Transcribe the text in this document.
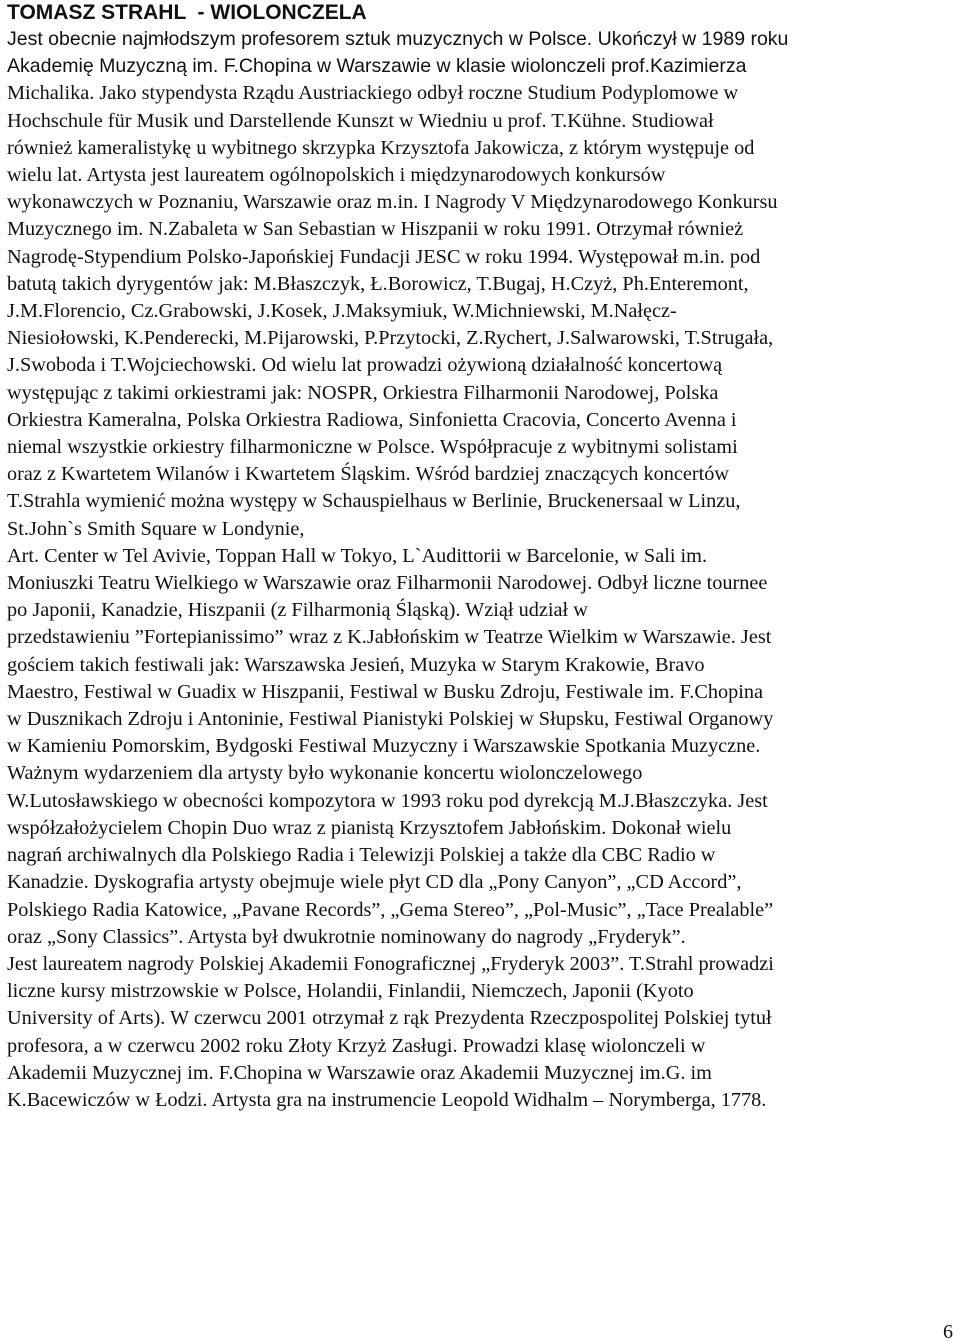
TOMASZ STRAHL  - WIOLONCZELA
Jest obecnie najmłodszym profesorem sztuk muzycznych w Polsce. Ukończył w 1989 roku
Akademię Muzyczną im. F.Chopina w Warszawie w klasie wiolonczeli prof.Kazimierza
Michalika. Jako stypendysta Rządu Austriackiego odbył roczne Studium Podyplomowe w
Hochschule für Musik und Darstellende Kunszt w Wiedniu u prof. T.Kühne. Studiował
również kameralistykę u wybitnego skrzypka Krzysztofa Jakowicza, z którym występuje od
wielu lat. Artysta jest laureatem ogólnopolskich i międzynarodowych konkursów
wykonawczych w Poznaniu, Warszawie oraz m.in. I Nagrody V Międzynarodowego Konkursu
Muzycznego im. N.Zabaleta w San Sebastian w Hiszpanii w roku 1991. Otrzymał również
Nagrodę-Stypendium Polsko-Japońskiej Fundacji JESC w roku 1994. Występował m.in. pod
batutą takich dyrygentów jak: M.Błaszczyk, Ł.Borowicz, T.Bugaj, H.Czyż, Ph.Enteremont,
J.M.Florencio, Cz.Grabowski, J.Kosek, J.Maksymiuk, W.Michniewski, M.Nałęcz-
Niesiołowski, K.Penderecki, M.Pijarowski, P.Przytocki, Z.Rychert, J.Salwarowski, T.Strugała,
J.Swoboda i T.Wojciechowski. Od wielu lat prowadzi ożywioną działalność koncertową
występując z takimi orkiestrami jak: NOSPR, Orkiestra Filharmonii Narodowej, Polska
Orkiestra Kameralna, Polska Orkiestra Radiowa, Sinfonietta Cracovia, Concerto Avenna i
niemal wszystkie orkiestry filharmoniczne w Polsce. Współpracuje z wybitnymi solistami
oraz z Kwartetem Wilanów i Kwartetem Śląskim. Wśród bardziej znaczących koncertów
T.Strahla wymienić można występy w Schauspielhaus w Berlinie, Bruckenersaal w Linzu,
St.John`s Smith Square w Londynie,
Art. Center w Tel Avivie, Toppan Hall w Tokyo, L`Audittorii w Barcelonie, w Sali im.
Moniuszki Teatru Wielkiego w Warszawie oraz Filharmonii Narodowej. Odbył liczne tournee
po Japonii, Kanadzie, Hiszpanii (z Filharmonią Śląską). Wziął udział w
przedstawieniu ”Fortepianissimo” wraz z K.Jabłońskim w Teatrze Wielkim w Warszawie. Jest
gościem takich festiwali jak: Warszawska Jesień, Muzyka w Starym Krakowie, Bravo
Maestro, Festiwal w Guadix w Hiszpanii, Festiwal w Busku Zdroju, Festiwale im. F.Chopina
w Dusznikach Zdroju i Antoninie, Festiwal Pianistyki Polskiej w Słupsku, Festiwal Organowy
w Kamieniu Pomorskim, Bydgoski Festiwal Muzyczny i Warszawskie Spotkania Muzyczne.
Ważnym wydarzeniem dla artysty było wykonanie koncertu wiolonczelowego
W.Lutosławskiego w obecności kompozytora w 1993 roku pod dyrekcją M.J.Błaszczyka. Jest
współzałożycielem Chopin Duo wraz z pianistą Krzysztofem Jabłońskim. Dokonał wielu
nagrań archiwalnych dla Polskiego Radia i Telewizji Polskiej a także dla CBC Radio w
Kanadzie. Dyskografia artysty obejmuje wiele płyt CD dla „Pony Canyon”, „CD Accord”,
Polskiego Radia Katowice, „Pavane Records”, „Gema Stereo”, „Pol-Music”, „Tace Prealable”
oraz „Sony Classics”. Artysta był dwukrotnie nominowany do nagrody „Fryderyk”.
Jest laureatem nagrody Polskiej Akademii Fonograficznej „Fryderyk 2003”. T.Strahl prowadzi
liczne kursy mistrzowskie w Polsce, Holandii, Finlandii, Niemczech, Japonii (Kyoto
University of Arts). W czerwcu 2001 otrzymał z rąk Prezydenta Rzeczpospolitej Polskiej tytuł
profesora, a w czerwcu 2002 roku Złoty Krzyż Zasługi. Prowadzi klasę wiolonczeli w
Akademii Muzycznej im. F.Chopina w Warszawie oraz Akademii Muzycznej im.G. im
K.Bacewiczów w Łodzi. Artysta gra na instrumencie Leopold Widhalm – Norymberga, 1778.
6
